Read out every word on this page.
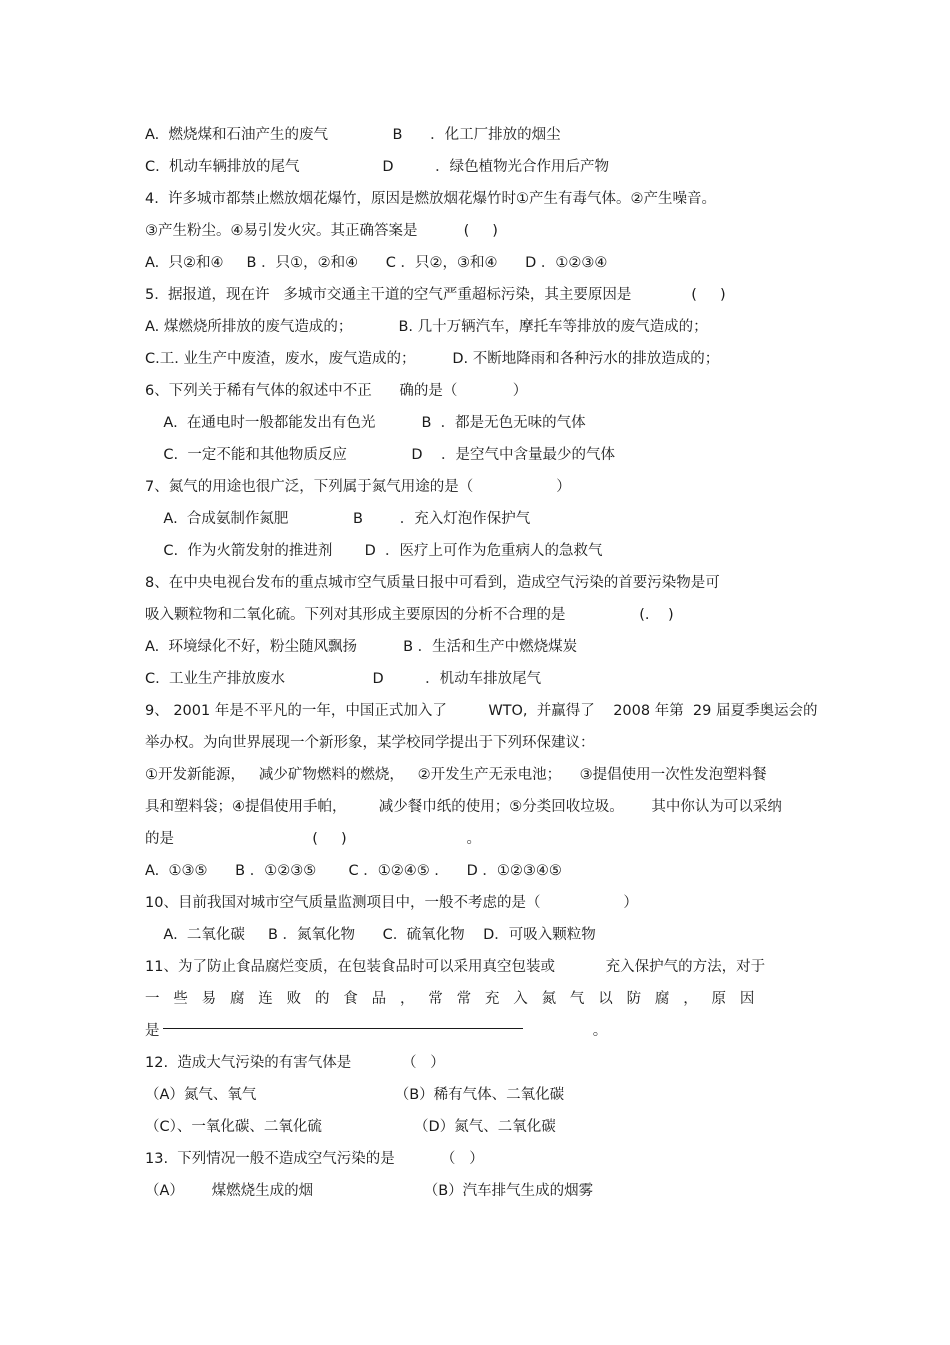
A.  燃烧煤和石油产生的废气              B      ．化工厂排放的烟尘
C.  机动车辆排放的尾气                  D         ．绿色植物光合作用后产物
4.  许多城市都禁止燃放烟花爆竹，原因是燃放烟花爆竹时①产生有毒气体。②产生噪音。
③产生粉尘。④易引发火灾。其正确答案是          (     )
A.  只②和④     B ．只①，②和④      C ．只②，③和④      D ．①②③④
5.  据报道，现在许   多城市交通主干道的空气严重超标污染，其主要原因是             (     )
A. 煤燃烧所排放的废气造成的；          B. 几十万辆汽车，摩托车等排放的废气造成的；
C.工. 业生产中废渣，废水，废气造成的；        D. 不断地降雨和各种污水的排放造成的；
6、下列关于稀有气体的叙述中不正      确的是（            ）
A.  在通电时一般都能发出有色光          B  ．都是无色无味的气体
C.  一定不能和其他物质反应              D    ．是空气中含量最少的气体
7、氮气的用途也很广泛，下列属于氮气用途的是（                  ）
A.  合成氨制作氮肥              B        ．充入灯泡作保护气
C.  作为火箭发射的推进剂       D  ．医疗上可作为危重病人的急救气
8、在中央电视台发布的重点城市空气质量日报中可看到，造成空气污染的首要污染物是可
吸入颗粒物和二氧化硫。下列对其形成主要原因的分析不合理的是                (.    )
A.  环境绿化不好，粉尘随风飘扬          B ．生活和生产中燃烧煤炭
C.  工业生产排放废水                   D         ．机动车排放尾气
9、 2001 年是不平凡的一年，中国正式加入了         WTO,  并赢得了    2008 年第  29 届夏季奥运会的
举办权。为向世界展现一个新形象，某学校同学提出于下列环保建议：
①开发新能源，   减少矿物燃料的燃烧，   ②开发生产无汞电池；    ③提倡使用一次性发泡塑料餐
具和塑料袋；④提倡使用手帕，       减少餐巾纸的使用；⑤分类回收垃圾。      其中你认为可以采纳
的是                              (     )                          。
A.  ①③⑤      B ．①②③⑤       C ．①②④⑤ .      D ．①②③④⑤
10、目前我国对城市空气质量监测项目中，一般不考虑的是（                  ）
A.  二氧化碳     B ．氮氧化物      C.  硫氧化物    D．可吸入颗粒物
11、为了防止食品腐烂变质，在包装食品时可以采用真空包装或           充入保护气的方法，对于
一   些   易   腐   连   败   的   食   品   ，   常   常   充   入   氮   气   以   防   腐   ，   原   因
是                                                                                              。
12.  造成大气污染的有害气体是           （   ）
（A）氮气、氧气                              （B）稀有气体、二氧化碳
（C）、一氧化碳、二氧化硫                    （D）氮气、二氧化碳
13.  下列情况一般不造成空气污染的是          （   ）
（A）      煤燃烧生成的烟                        （B）汽车排气生成的烟雾
